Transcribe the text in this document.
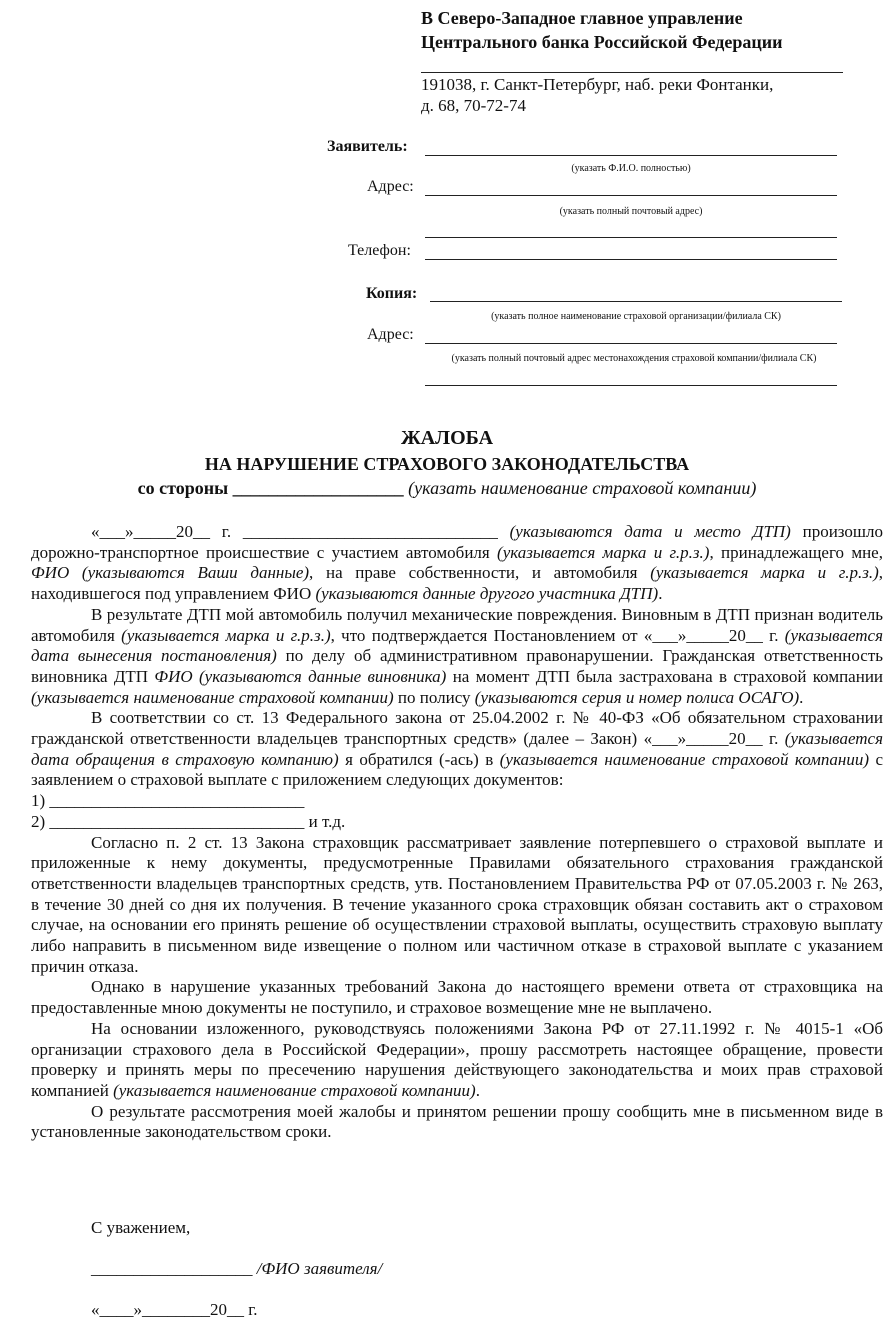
В Северо-Западное главное управление
Центрального банка Российской Федерации
191038, г. Санкт-Петербург, наб. реки Фонтанки,
д. 68, 70-72-74
Заявитель:
(указать Ф.И.О. полностью)
Адрес:
(указать полный почтовый адрес)
Телефон:
Копия:
(указать полное наименование страховой организации/филиала СК)
Адрес:
(указать полный почтовый адрес местонахождения страховой компании/филиала СК)
ЖАЛОБА
НА НАРУШЕНИЕ СТРАХОВОГО ЗАКОНОДАТЕЛЬСТВА
со стороны ___________________ (указать наименование страховой компании)

«___»_____20__ г. ______________________________ (указываются дата и место ДТП) произошло дорожно-транспортное происшествие с участием автомобиля (указывается марка и г.р.з.), принадлежащего мне, ФИО (указываются Ваши данные), на праве собственности, и автомобиля (указывается марка и г.р.з.), находившегося под управлением ФИО (указываются данные другого участника ДТП).

В результате ДТП мой автомобиль получил механические повреждения. Виновным в ДТП признан водитель автомобиля (указывается марка и г.р.з.), что подтверждается Постановлением от «___»_____20__ г. (указывается дата вынесения постановления) по делу об административном правонарушении. Гражданская ответственность виновника ДТП ФИО (указываются данные виновника) на момент ДТП была застрахована в страховой компании (указывается наименование страховой компании) по полису (указываются серия и номер полиса ОСАГО).

В соответствии со ст. 13 Федерального закона от 25.04.2002 г. № 40-ФЗ «Об обязательном страховании гражданской ответственности владельцев транспортных средств» (далее – Закон) «___»_____20__ г. (указывается дата обращения в страховую компанию) я обратился (-ась) в (указывается наименование страховой компании) с заявлением о страховой выплате с приложением следующих документов:

1) ______________________________

2) ______________________________ и т.д.

Согласно п. 2 ст. 13 Закона страховщик рассматривает заявление потерпевшего о страховой выплате и приложенные к нему документы, предусмотренные Правилами обязательного страхования гражданской ответственности владельцев транспортных средств, утв. Постановлением Правительства РФ от 07.05.2003 г. № 263, в течение 30 дней со дня их получения. В течение указанного срока страховщик обязан составить акт о страховом случае, на основании его принять решение об осуществлении страховой выплаты, осуществить страховую выплату либо направить в письменном виде извещение о полном или частичном отказе в страховой выплате с указанием причин отказа.

Однако в нарушение указанных требований Закона до настоящего времени ответа от страховщика на предоставленные мною документы не поступило, и страховое возмещение мне не выплачено.

На основании изложенного, руководствуясь положениями Закона РФ от 27.11.1992 г. № 4015-1 «Об организации страхового дела в Российской Федерации», прошу рассмотреть настоящее обращение, провести проверку и принять меры по пресечению нарушения действующего законодательства и моих прав страховой компанией (указывается наименование страховой компании).

О результате рассмотрения моей жалобы и принятом решении прошу сообщить мне в письменном виде в установленные законодательством сроки.

С уважением,
___________________ /ФИО заявителя/
«____»________20__ г.
